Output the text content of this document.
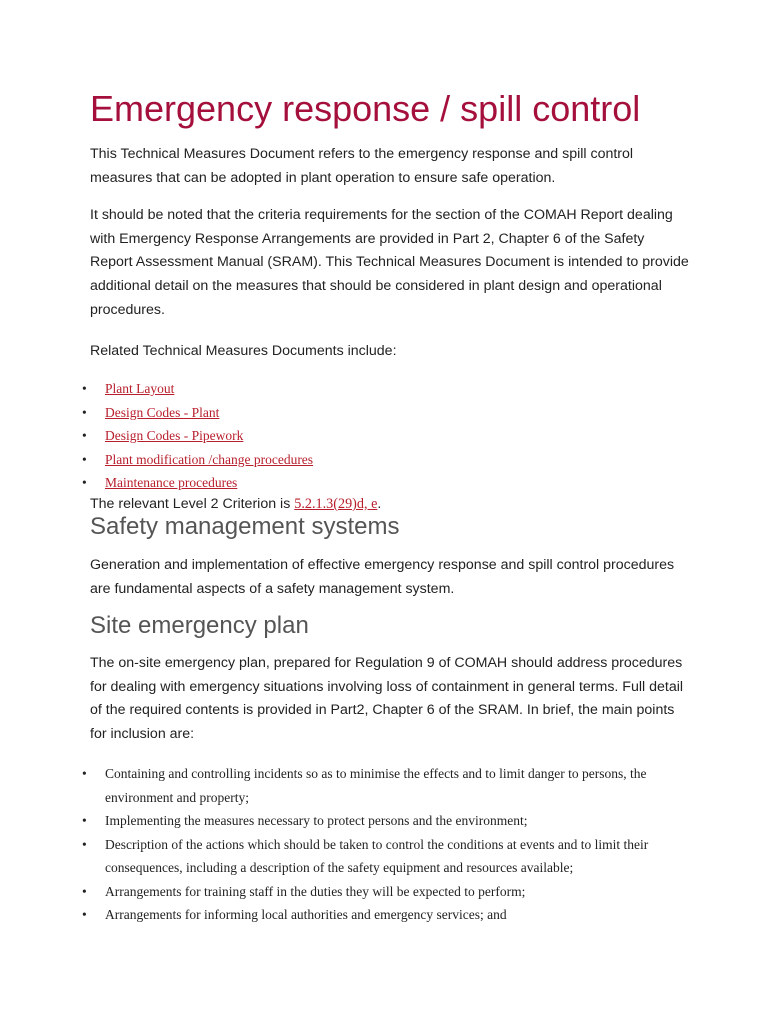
Emergency response / spill control

This Technical Measures Document refers to the emergency response and spill control measures that can be adopted in plant operation to ensure safe operation.

It should be noted that the criteria requirements for the section of the COMAH Report dealing with Emergency Response Arrangements are provided in Part 2, Chapter 6 of the Safety Report Assessment Manual (SRAM). This Technical Measures Document is intended to provide additional detail on the measures that should be considered in plant design and operational procedures.

Related Technical Measures Documents include:

• Plant Layout
• Design Codes - Plant
• Design Codes - Pipework
• Plant modification /change procedures
• Maintenance procedures

The relevant Level 2 Criterion is 5.2.1.3(29)d, e.

Safety management systems

Generation and implementation of effective emergency response and spill control procedures are fundamental aspects of a safety management system.

Site emergency plan

The on-site emergency plan, prepared for Regulation 9 of COMAH should address procedures for dealing with emergency situations involving loss of containment in general terms. Full detail of the required contents is provided in Part2, Chapter 6 of the SRAM. In brief, the main points for inclusion are:

• Containing and controlling incidents so as to minimise the effects and to limit danger to persons, the environment and property;
• Implementing the measures necessary to protect persons and the environment;
• Description of the actions which should be taken to control the conditions at events and to limit their consequences, including a description of the safety equipment and resources available;
• Arrangements for training staff in the duties they will be expected to perform;
• Arrangements for informing local authorities and emergency services; and
